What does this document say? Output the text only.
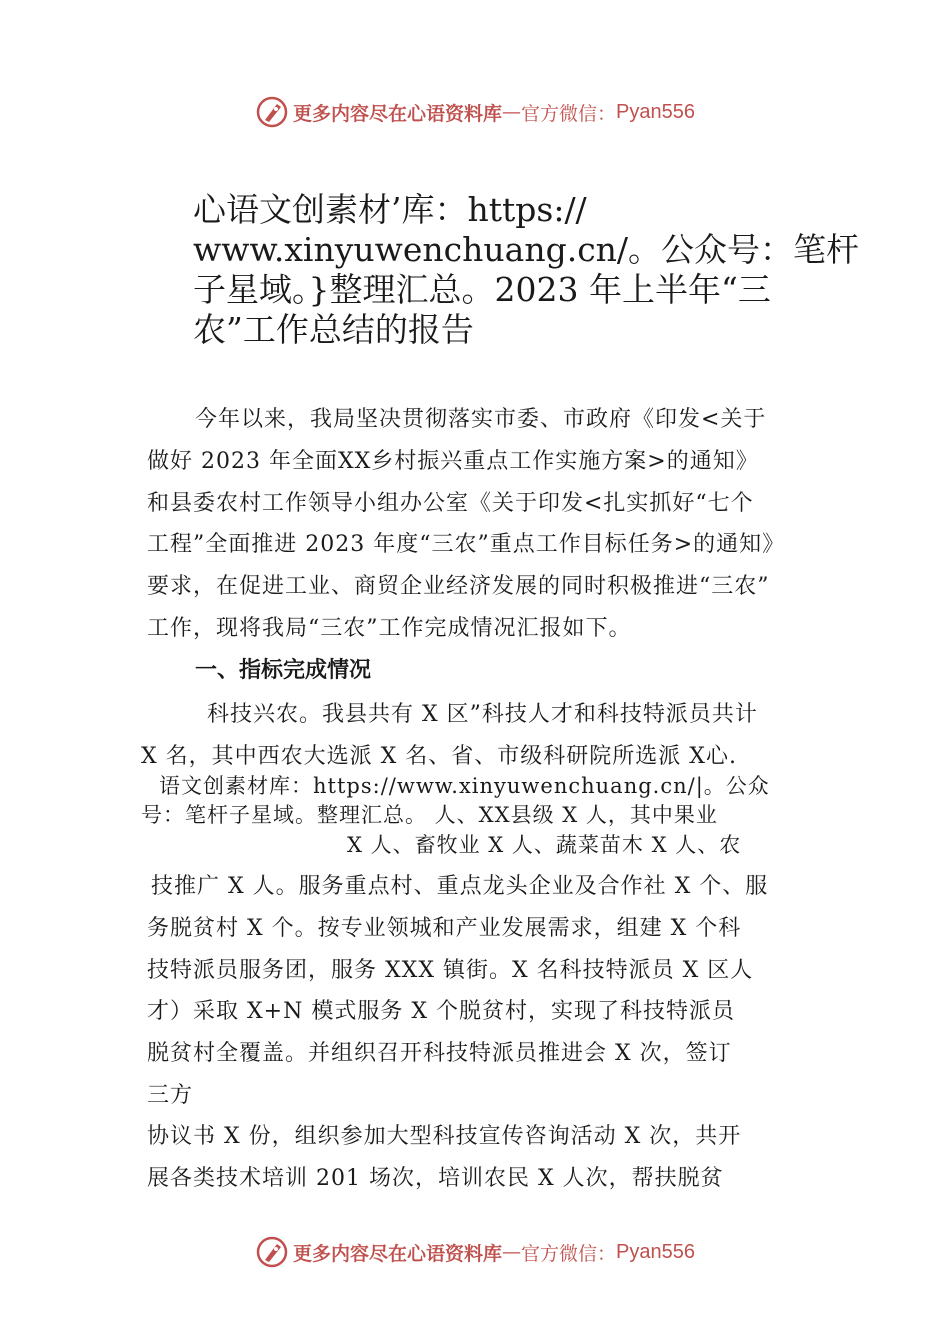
更多内容尽在心语资料库 — 官方微信： Pyan556
心语文创素材’库：https://
www.xinyuwenchuang.cn/。公众号：笔杆
子星域。}整理汇总。2023 年上半年“三
农”工作总结的报告
今年以来，我局坚决贯彻落实市委、市政府《印发<关于
做好 2023 年全面XX乡村振兴重点工作实施方案>的通知》
和县委农村工作领导小组办公室《关于印发<扎实抓好“七个
工程”全面推进 2023 年度“三农”重点工作目标任务>的通知》
要求，在促进工业、商贸企业经济发展的同时积极推进“三农”
工作，现将我局“三农”工作完成情况汇报如下。
一、指标完成情况
科技兴农。我县共有 X 区”科技人才和科技特派员共计
X 名，其中西农大选派 X 名、省、市级科研院所选派 X心.
语文创素材库：https://www.xinyuwenchuang.cn/|。公众
号：笔杆子星域。整理汇总。 人、XX县级 X 人，其中果业
X 人、畜牧业 X 人、蔬菜苗木 X 人、农
技推广 X 人。服务重点村、重点龙头企业及合作社 X 个、服
务脱贫村 X 个。按专业领城和产业发展需求，组建 X 个科
技特派员服务团，服务 XXX 镇街。X 名科技特派员 X 区人
才）采取 X+N 模式服务 X 个脱贫村，实现了科技特派员
脱贫村全覆盖。并组织召开科技特派员推进会 X 次，签订
三方
协议书 X 份，组织参加大型科技宣传咨询活动 X 次，共开
展各类技术培训 201 场次，培训农民 X 人次，帮扶脱贫
更多内容尽在心语资料库 — 官方微信： Pyan556
